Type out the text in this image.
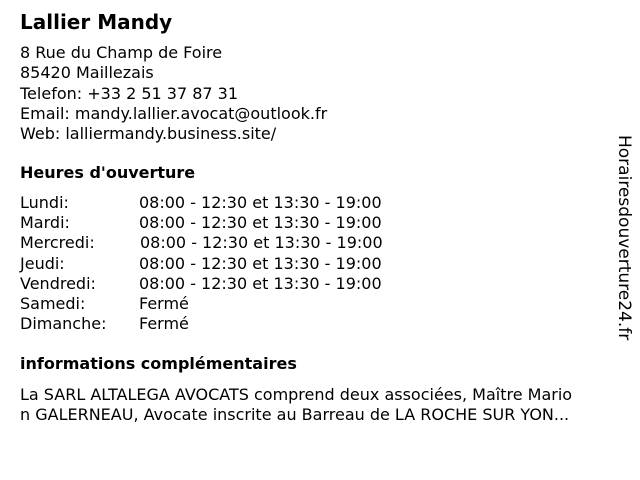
Lallier Mandy
8 Rue du Champ de Foire
85420 Maillezais
Telefon: +33 2 51 37 87 31
Email: mandy.lallier.avocat@outlook.fr
Web: lalliermandy.business.site/
Heures d'ouverture
Lundi:	08:00 - 12:30 et 13:30 - 19:00
Mardi:	08:00 - 12:30 et 13:30 - 19:00
Mercredi:	08:00 - 12:30 et 13:30 - 19:00
Jeudi:	08:00 - 12:30 et 13:30 - 19:00
Vendredi:	08:00 - 12:30 et 13:30 - 19:00
Samedi:	Fermé
Dimanche:	Fermé
informations complémentaires
La SARL ALTALEGA AVOCATS comprend deux associées, Maître Mario
n GALERNEAU, Avocate inscrite au Barreau de LA ROCHE SUR YON...
Horairesdouverture24.fr
